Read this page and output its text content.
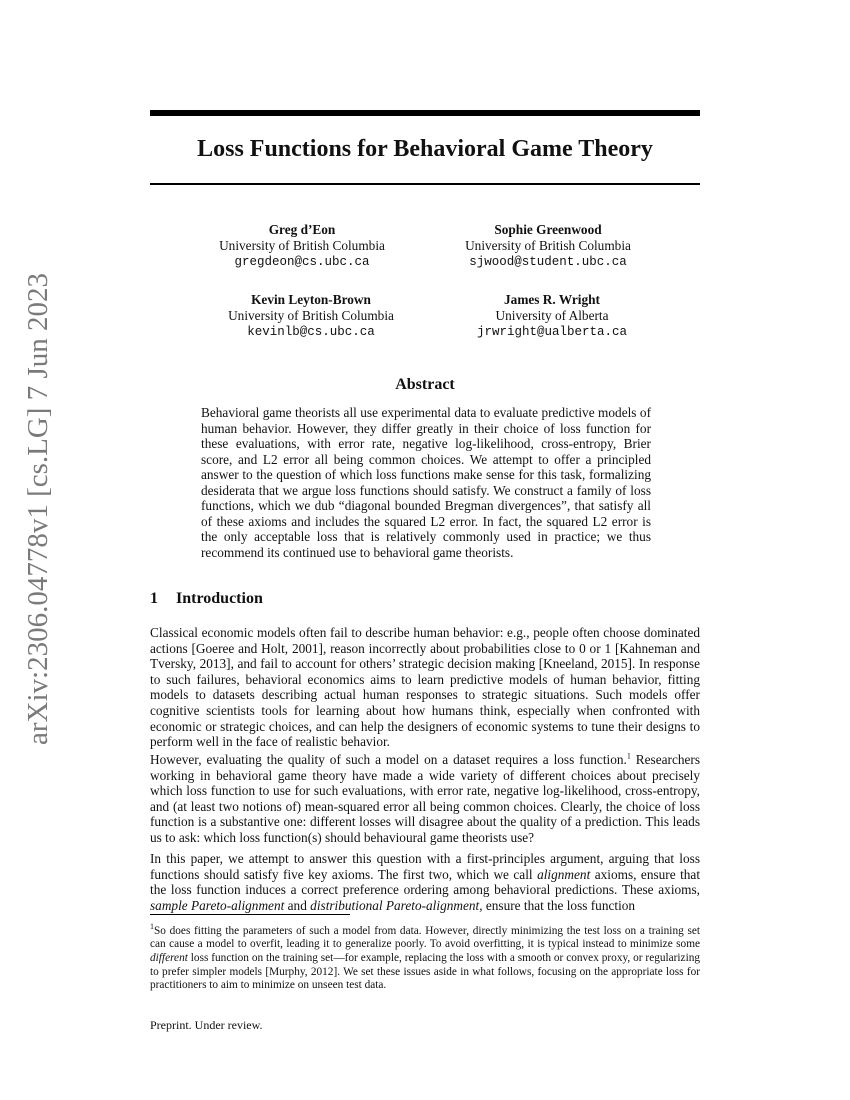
arXiv:2306.04778v1 [cs.LG] 7 Jun 2023
Loss Functions for Behavioral Game Theory
Greg d’Eon
University of British Columbia
gregdeon@cs.ubc.ca
Sophie Greenwood
University of British Columbia
sjwood@student.ubc.ca
Kevin Leyton-Brown
University of British Columbia
kevinlb@cs.ubc.ca
James R. Wright
University of Alberta
jrwright@ualberta.ca
Abstract
Behavioral game theorists all use experimental data to evaluate predictive models of human behavior. However, they differ greatly in their choice of loss function for these evaluations, with error rate, negative log-likelihood, cross-entropy, Brier score, and L2 error all being common choices. We attempt to offer a principled answer to the question of which loss functions make sense for this task, formalizing desiderata that we argue loss functions should satisfy. We construct a family of loss functions, which we dub “diagonal bounded Bregman divergences”, that satisfy all of these axioms and includes the squared L2 error. In fact, the squared L2 error is the only acceptable loss that is relatively commonly used in practice; we thus recommend its continued use to behavioral game theorists.
1 Introduction

Classical economic models often fail to describe human behavior: e.g., people often choose dominated actions [Goeree and Holt, 2001], reason incorrectly about probabilities close to 0 or 1 [Kahneman and Tversky, 2013], and fail to account for others’ strategic decision making [Kneeland, 2015]. In response to such failures, behavioral economics aims to learn predictive models of human behavior, fitting models to datasets describing actual human responses to strategic situations. Such models offer cognitive scientists tools for learning about how humans think, especially when confronted with economic or strategic choices, and can help the designers of economic systems to tune their designs to perform well in the face of realistic behavior.

However, evaluating the quality of such a model on a dataset requires a loss function.$^1$ Researchers working in behavioral game theory have made a wide variety of different choices about precisely which loss function to use for such evaluations, with error rate, negative log-likelihood, cross-entropy, and (at least two notions of) mean-squared error all being common choices. Clearly, the choice of loss function is a substantive one: different losses will disagree about the quality of a prediction. This leads us to ask: which loss function(s) should behavioural game theorists use?

In this paper, we attempt to answer this question with a first-principles argument, arguing that loss functions should satisfy five key axioms. The first two, which we call alignment axioms, ensure that the loss function induces a correct preference ordering among behavioral predictions. These axioms, sample Pareto-alignment and distributional Pareto-alignment, ensure that the loss function

$^1$So does fitting the parameters of such a model from data. However, directly minimizing the test loss on a training set can cause a model to overfit, leading it to generalize poorly. To avoid overfitting, it is typical instead to minimize some different loss function on the training set—for example, replacing the loss with a smooth or convex proxy, or regularizing to prefer simpler models [Murphy, 2012]. We set these issues aside in what follows, focusing on the appropriate loss for practitioners to aim to minimize on unseen test data.
Preprint. Under review.
